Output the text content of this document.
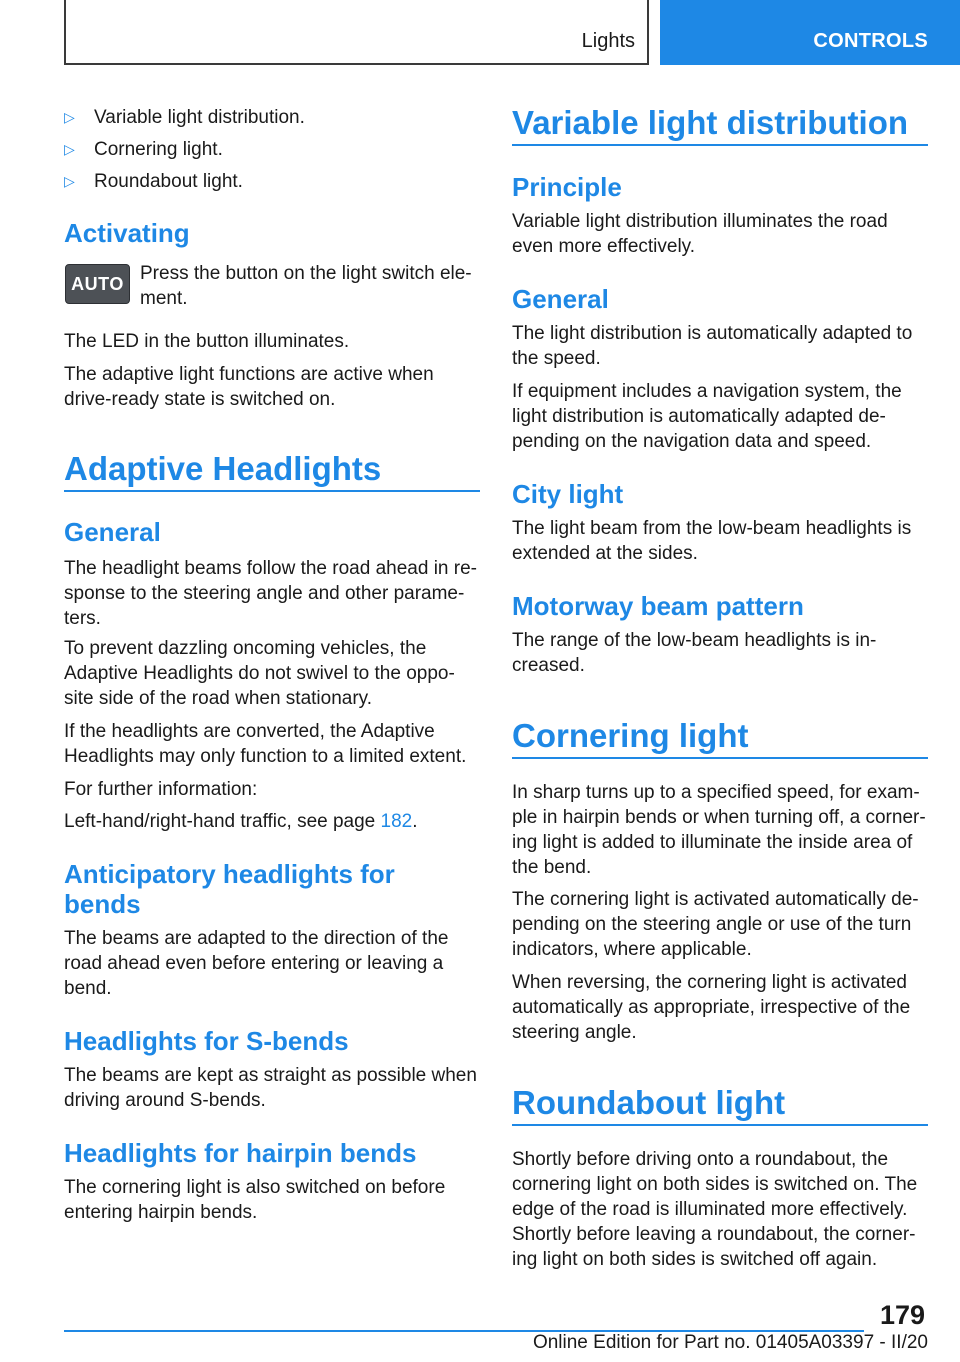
Lights	CONTROLS
▷ Variable light distribution.
▷ Cornering light.
▷ Roundabout light.
Activating
AUTO Press the button on the light switch ele-

ment.

The LED in the button illuminates.

The adaptive light functions are active when drive-ready state is switched on.

Adaptive Headlights
General

The headlight beams follow the road ahead in re-sponse to the steering angle and other parame-ters.

To prevent dazzling oncoming vehicles, the Adaptive Headlights do not swivel to the oppo-site side of the road when stationary.

If the headlights are converted, the Adaptive Headlights may only function to a limited extent.

For further information:

Left-hand/right-hand traffic, see page 182.

Anticipatory headlights for bends

The beams are adapted to the direction of the road ahead even before entering or leaving a bend.

Headlights for S-bends

The beams are kept as straight as possible when driving around S-bends.

Headlights for hairpin bends

The cornering light is also switched on before entering hairpin bends.

Variable light distribution
Principle

Variable light distribution illuminates the road even more effectively.

General

The light distribution is automatically adapted to the speed.

If equipment includes a navigation system, the light distribution is automatically adapted de-pending on the navigation data and speed.

City light

The light beam from the low-beam headlights is extended at the sides.

Motorway beam pattern

The range of the low-beam headlights is in-creased.

Cornering light

In sharp turns up to a specified speed, for exam-ple in hairpin bends or when turning off, a corner-ing light is added to illuminate the inside area of the bend.

The cornering light is activated automatically de-pending on the steering angle or use of the turn indicators, where applicable.

When reversing, the cornering light is activated automatically as appropriate, irrespective of the steering angle.

Roundabout light

Shortly before driving onto a roundabout, the cornering light on both sides is switched on. The edge of the road is illuminated more effectively.

Shortly before leaving a roundabout, the corner-ing light on both sides is switched off again.

179
Online Edition for Part no. 01405A03397 - II/20
